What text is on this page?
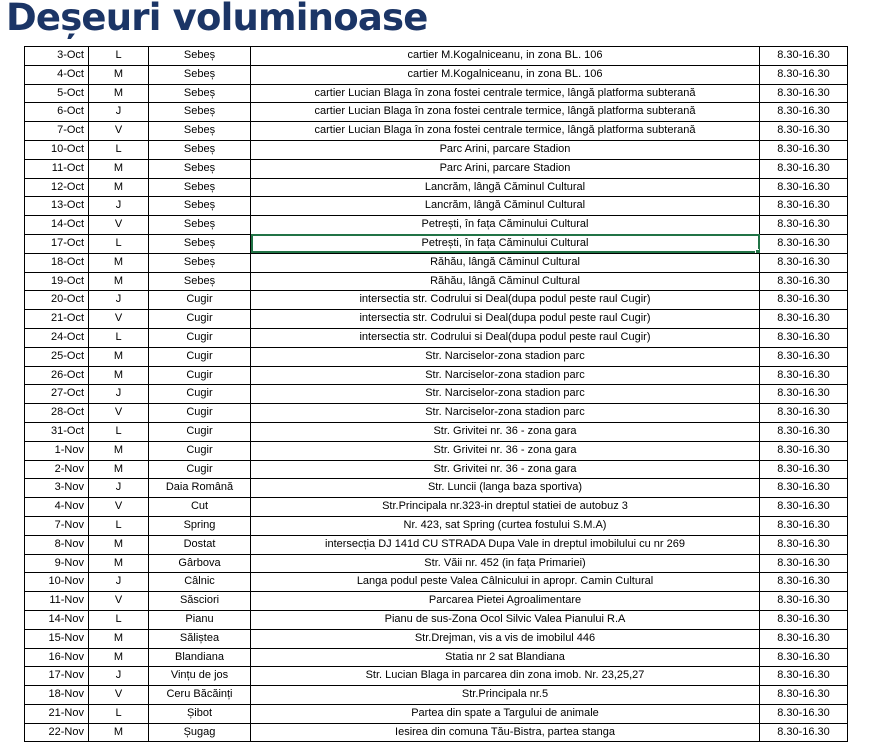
Deșeuri voluminoase
3-Oct	L	Sebeș	cartier M.Kogalniceanu, in zona BL. 106	8.30-16.30
4-Oct	M	Sebeș	cartier M.Kogalniceanu, in zona BL. 106	8.30-16.30
5-Oct	M	Sebeș	cartier Lucian Blaga în zona fostei centrale termice, lângă platforma subterană	8.30-16.30
6-Oct	J	Sebeș	cartier Lucian Blaga în zona fostei centrale termice, lângă platforma subterană	8.30-16.30
7-Oct	V	Sebeș	cartier Lucian Blaga în zona fostei centrale termice, lângă platforma subterană	8.30-16.30
10-Oct	L	Sebeș	Parc Arini, parcare Stadion	8.30-16.30
11-Oct	M	Sebeș	Parc Arini, parcare Stadion	8.30-16.30
12-Oct	M	Sebeș	Lancrăm, lângă Căminul Cultural	8.30-16.30
13-Oct	J	Sebeș	Lancrăm, lângă Căminul Cultural	8.30-16.30
14-Oct	V	Sebeș	Petrești, în fața Căminului Cultural	8.30-16.30
17-Oct	L	Sebeș	Petrești, în fața Căminului Cultural	8.30-16.30
18-Oct	M	Sebeș	Răhău, lângă Căminul Cultural	8.30-16.30
19-Oct	M	Sebeș	Răhău, lângă Căminul Cultural	8.30-16.30
20-Oct	J	Cugir	intersectia str. Codrului si Deal(dupa podul peste raul Cugir)	8.30-16.30
21-Oct	V	Cugir	intersectia str. Codrului si Deal(dupa podul peste raul Cugir)	8.30-16.30
24-Oct	L	Cugir	intersectia str. Codrului si Deal(dupa podul peste raul Cugir)	8.30-16.30
25-Oct	M	Cugir	Str. Narciselor-zona stadion parc	8.30-16.30
26-Oct	M	Cugir	Str. Narciselor-zona stadion parc	8.30-16.30
27-Oct	J	Cugir	Str. Narciselor-zona stadion parc	8.30-16.30
28-Oct	V	Cugir	Str. Narciselor-zona stadion parc	8.30-16.30
31-Oct	L	Cugir	Str. Grivitei nr. 36 - zona gara	8.30-16.30
1-Nov	M	Cugir	Str. Grivitei nr. 36 - zona gara	8.30-16.30
2-Nov	M	Cugir	Str. Grivitei nr. 36 - zona gara	8.30-16.30
3-Nov	J	Daia Română	Str. Luncii (langa baza sportiva)	8.30-16.30
4-Nov	V	Cut	Str.Principala nr.323-in dreptul statiei de autobuz 3	8.30-16.30
7-Nov	L	Spring	Nr. 423, sat Spring (curtea fostului S.M.A)	8.30-16.30
8-Nov	M	Dostat	intersecția DJ 141d CU STRADA Dupa Vale in dreptul imobilului cu nr 269	8.30-16.30
9-Nov	M	Gârbova	Str. Văii nr. 452 (in fața Primariei)	8.30-16.30
10-Nov	J	Câlnic	Langa podul peste Valea Câlnicului in apropr. Camin Cultural	8.30-16.30
11-Nov	V	Săsciori	Parcarea Pietei Agroalimentare	8.30-16.30
14-Nov	L	Pianu	Pianu de sus-Zona Ocol Silvic Valea Pianului R.A	8.30-16.30
15-Nov	M	Săliștea	Str.Drejman, vis a vis de imobilul 446	8.30-16.30
16-Nov	M	Blandiana	Statia nr 2 sat Blandiana	8.30-16.30
17-Nov	J	Vințu de jos	Str. Lucian Blaga in parcarea din zona imob. Nr. 23,25,27	8.30-16.30
18-Nov	V	Ceru Băcăinți	Str.Principala nr.5	8.30-16.30
21-Nov	L	Șibot	Partea din spate a Targului de animale	8.30-16.30
22-Nov	M	Șugag	Iesirea din comuna Tău-Bistra, partea stanga	8.30-16.30
